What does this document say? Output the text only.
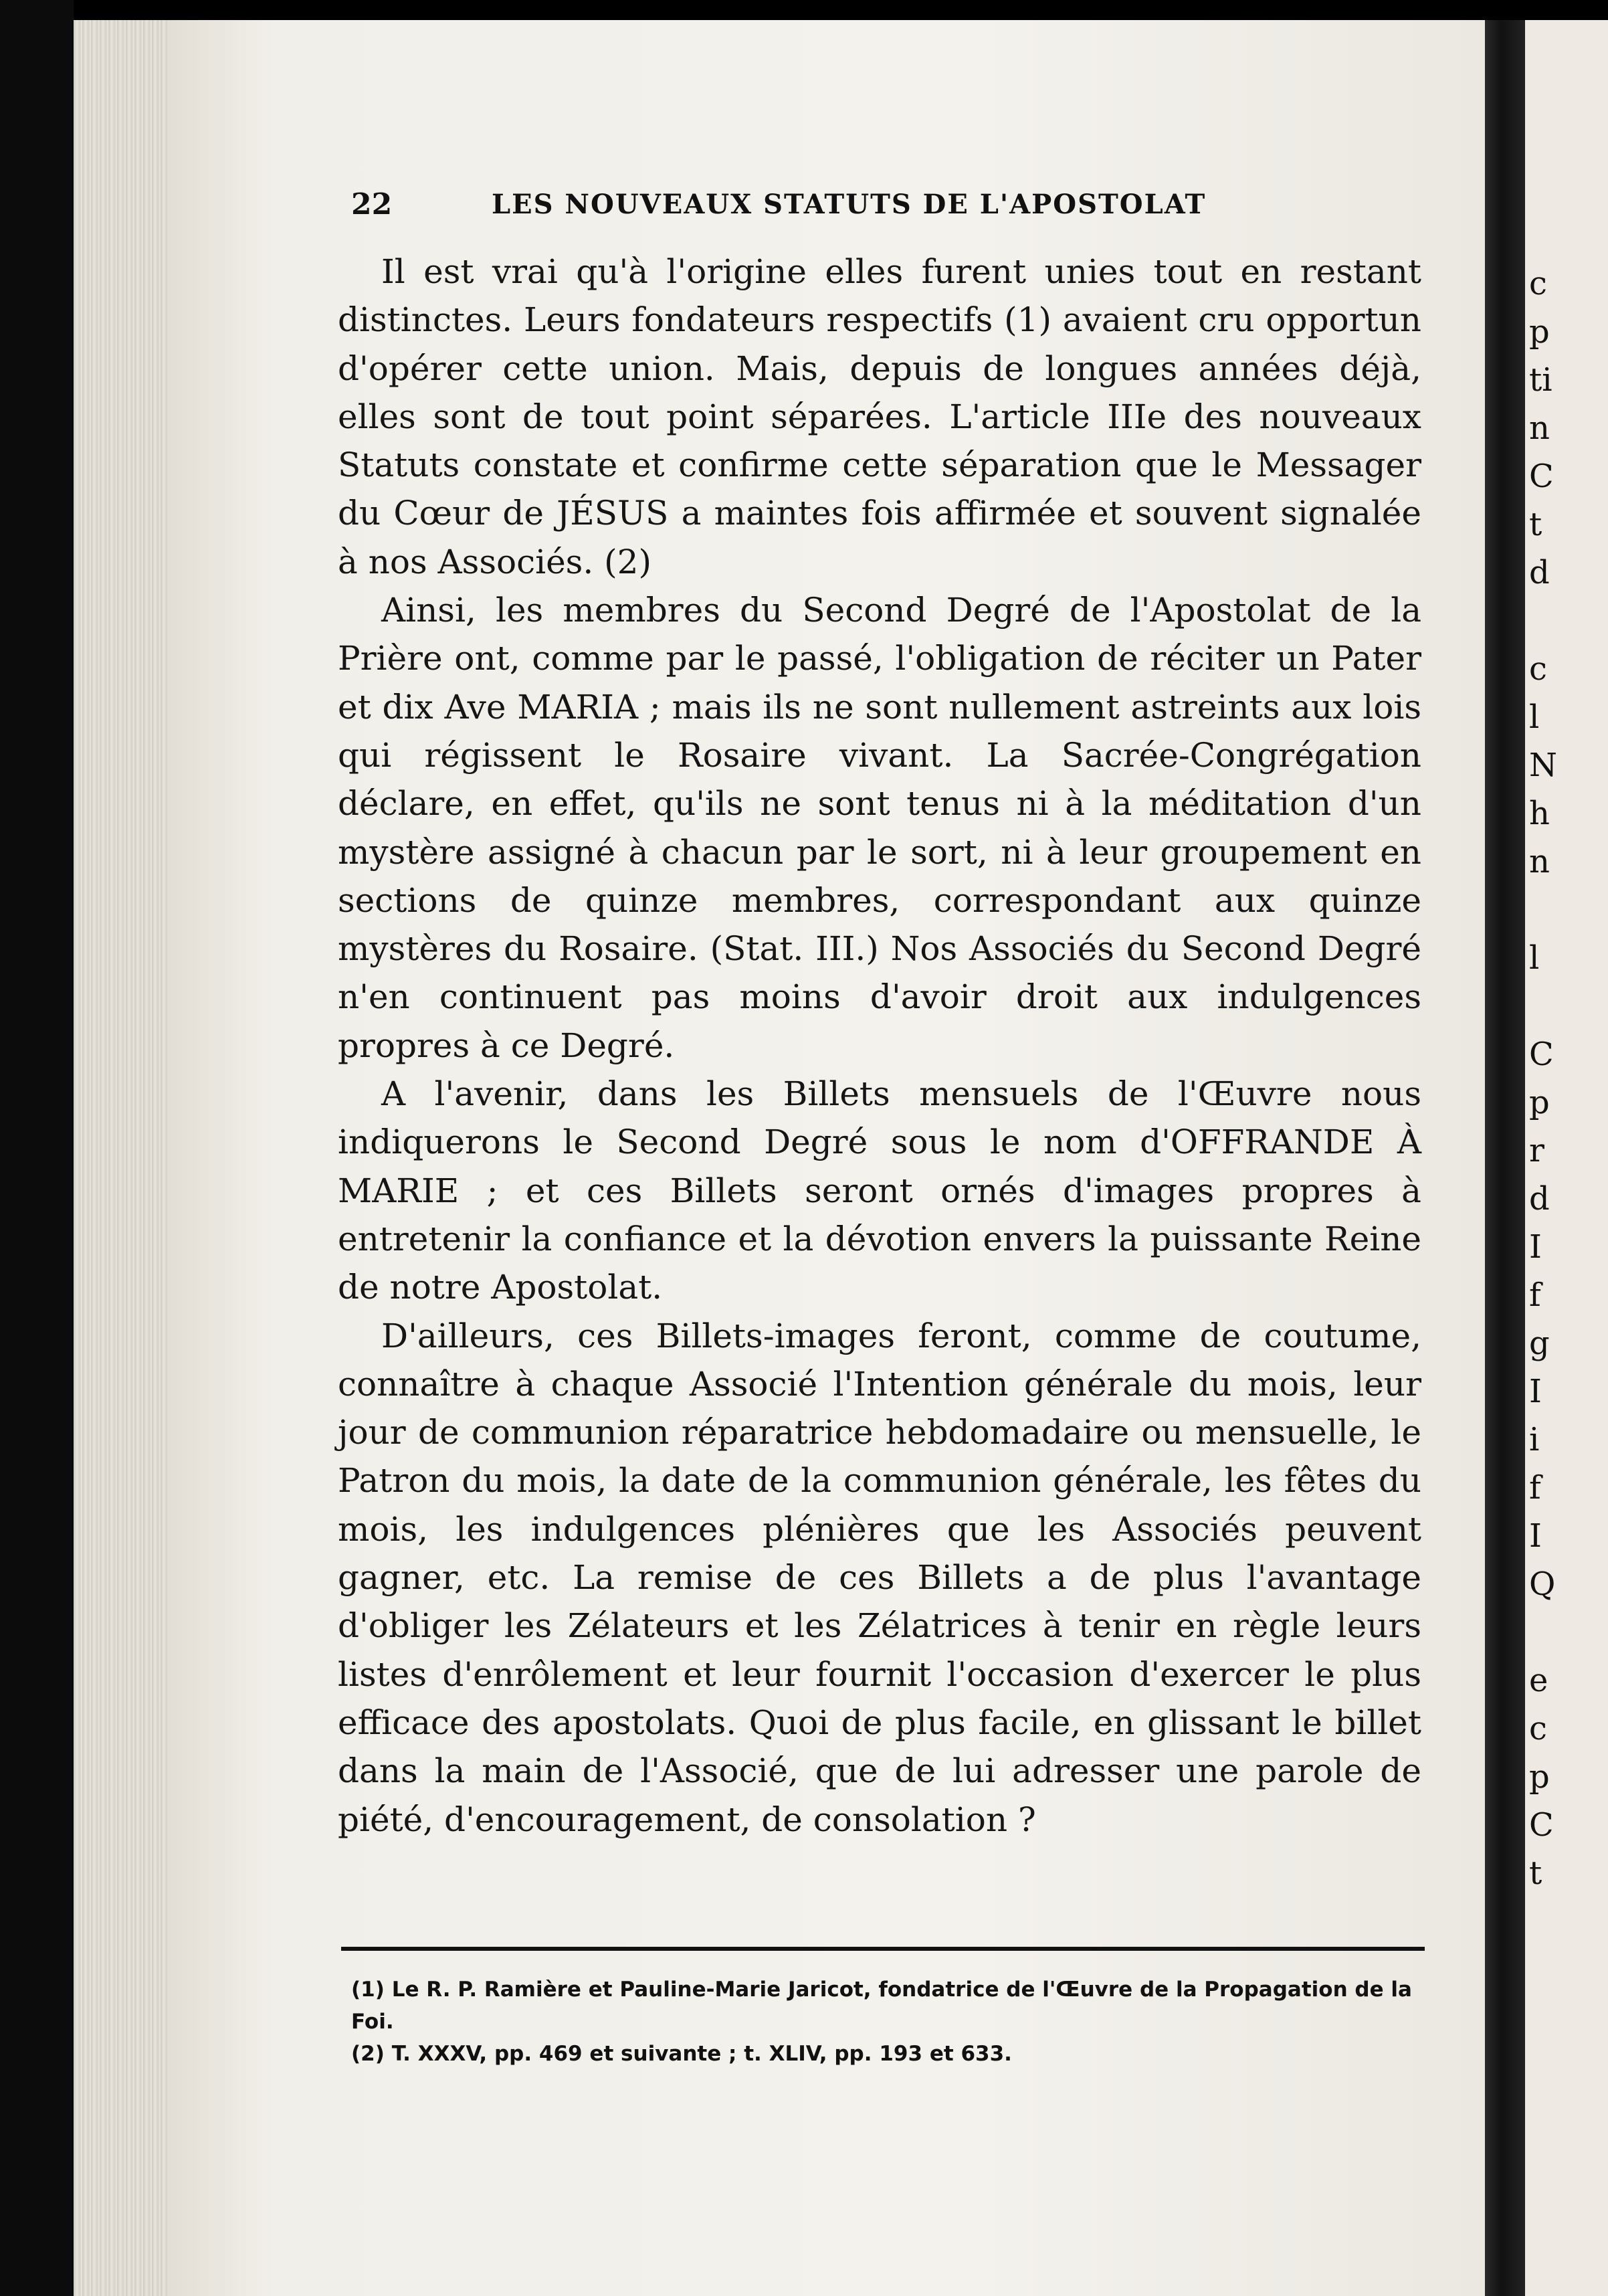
22	LES NOUVEAUX STATUTS DE L'APOSTOLAT

Il est vrai qu'à l'origine elles furent unies tout en restant distinctes. Leurs fondateurs respectifs (1) avaient cru opportun d'opérer cette union. Mais, depuis de longues années déjà, elles sont de tout point séparées. L'article IIIe des nouveaux Statuts constate et confirme cette séparation que le Messager du Cœur de JÉSUS a maintes fois affirmée et souvent signalée à nos Associés. (2)

Ainsi, les membres du Second Degré de l'Apostolat de la Prière ont, comme par le passé, l'obligation de réciter un Pater et dix Ave MARIA ; mais ils ne sont nullement astreints aux lois qui régissent le Rosaire vivant. La Sacrée-Congrégation déclare, en effet, qu'ils ne sont tenus ni à la méditation d'un mystère assigné à chacun par le sort, ni à leur groupement en sections de quinze membres, correspondant aux quinze mystères du Rosaire. (Stat. III.) Nos Associés du Second Degré n'en continuent pas moins d'avoir droit aux indulgences propres à ce Degré.

A l'avenir, dans les Billets mensuels de l'Œuvre nous indiquerons le Second Degré sous le nom d'OFFRANDE À MARIE ; et ces Billets seront ornés d'images propres à entretenir la confiance et la dévotion envers la puissante Reine de notre Apostolat.

D'ailleurs, ces Billets-images feront, comme de coutume, connaître à chaque Associé l'Intention générale du mois, leur jour de communion réparatrice hebdomadaire ou mensuelle, le Patron du mois, la date de la communion générale, les fêtes du mois, les indulgences plénières que les Associés peuvent gagner, etc. La remise de ces Billets a de plus l'avantage d'obliger les Zélateurs et les Zélatrices à tenir en règle leurs listes d'enrôlement et leur fournit l'occasion d'exercer le plus efficace des apostolats. Quoi de plus facile, en glissant le billet dans la main de l'Associé, que de lui adresser une parole de piété, d'encouragement, de consolation ?

(1) Le R. P. Ramière et Pauline-Marie Jaricot, fondatrice de l'Œuvre de la Propagation de la Foi.

(2) T. XXXV, pp. 469 et suivante ; t. XLIV, pp. 193 et 633.

c

p

ti

n

C

t

d

c

l

N

h

n

l

C

p

r

d

I

f

g

I

i

f

I

Q

e

c

p

C

t
